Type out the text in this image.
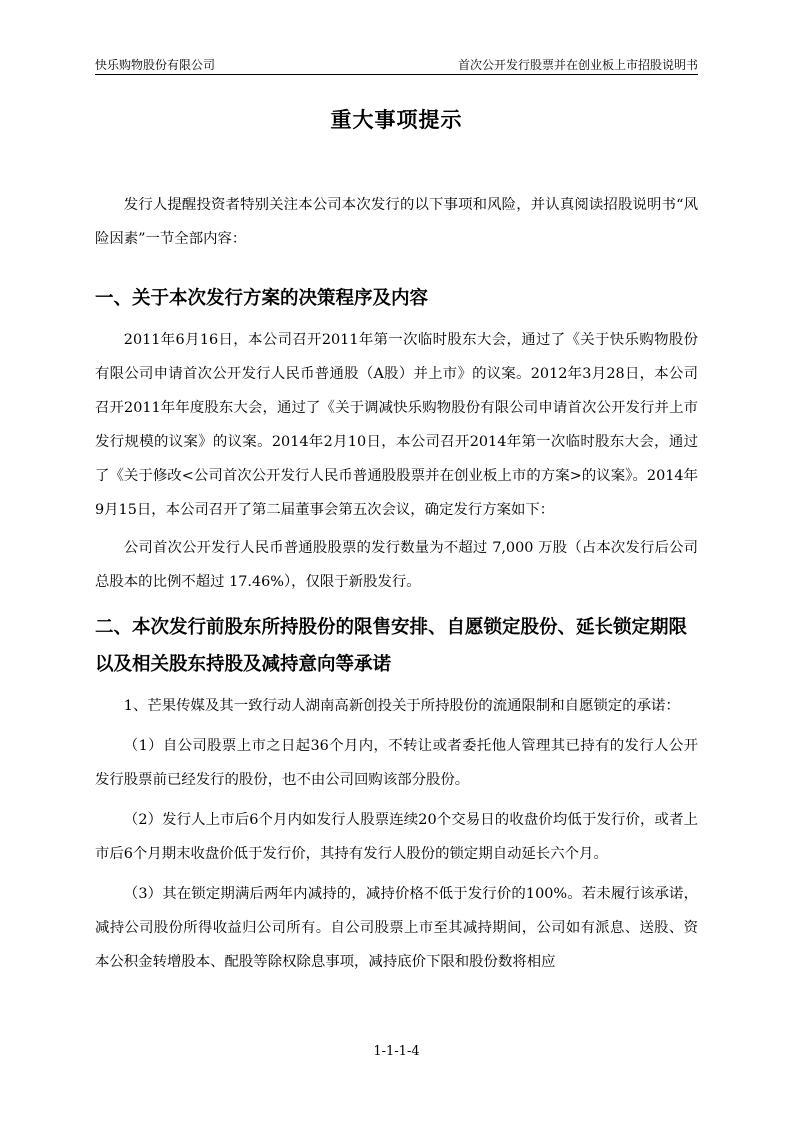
快乐购物股份有限公司	首次公开发行股票并在创业板上市招股说明书
重大事项提示

发行人提醒投资者特别关注本公司本次发行的以下事项和风险，并认真阅读招股说明书“风险因素”一节全部内容：

一、关于本次发行方案的决策程序及内容

2011年6月16日，本公司召开2011年第一次临时股东大会，通过了《关于快乐购物股份有限公司申请首次公开发行人民币普通股（A股）并上市》的议案。2012年3月28日，本公司召开2011年年度股东大会，通过了《关于调减快乐购物股份有限公司申请首次公开发行并上市发行规模的议案》的议案。2014年2月10日，本公司召开2014年第一次临时股东大会，通过了《关于修改<公司首次公开发行人民币普通股股票并在创业板上市的方案>的议案》。2014年9月15日，本公司召开了第二届董事会第五次会议，确定发行方案如下：

公司首次公开发行人民币普通股股票的发行数量为不超过 7,000 万股（占本次发行后公司总股本的比例不超过 17.46%），仅限于新股发行。

二、本次发行前股东所持股份的限售安排、自愿锁定股份、延长锁定期限以及相关股东持股及减持意向等承诺

1、芒果传媒及其一致行动人湖南高新创投关于所持股份的流通限制和自愿锁定的承诺：

（1）自公司股票上市之日起36个月内，不转让或者委托他人管理其已持有的发行人公开发行股票前已经发行的股份，也不由公司回购该部分股份。

（2）发行人上市后6个月内如发行人股票连续20个交易日的收盘价均低于发行价，或者上市后6个月期末收盘价低于发行价，其持有发行人股份的锁定期自动延长六个月。

（3）其在锁定期满后两年内减持的，减持价格不低于发行价的100%。若未履行该承诺，减持公司股份所得收益归公司所有。自公司股票上市至其减持期间，公司如有派息、送股、资本公积金转增股本、配股等除权除息事项，减持底价下限和股份数将相应

1-1-1-4
